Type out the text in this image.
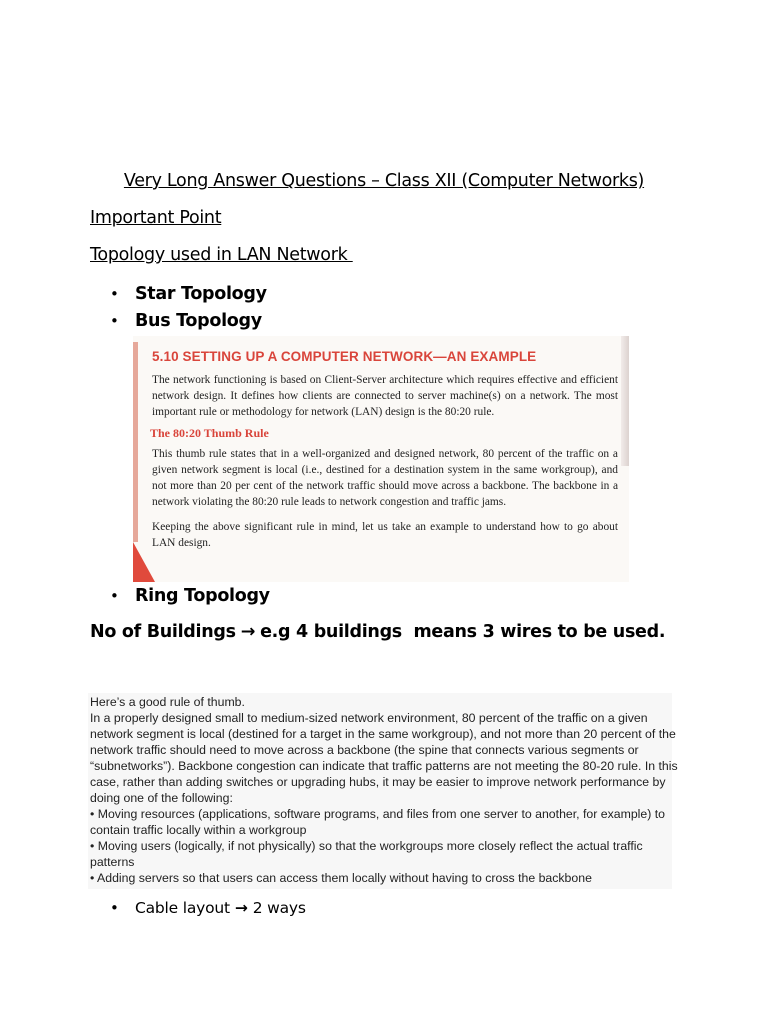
Very Long Answer Questions – Class XII (Computer Networks)
Important Point
Topology used in LAN Network
• Star Topology
• Bus Topology
5.10 SETTING UP A COMPUTER NETWORK—AN EXAMPLE
The network functioning is based on Client-Server architecture which requires effective and efficient network design. It defines how clients are connected to server machine(s) on a network. The most important rule or methodology for network (LAN) design is the 80:20 rule.
The 80:20 Thumb Rule
This thumb rule states that in a well-organized and designed network, 80 percent of the traffic on a given network segment is local (i.e., destined for a destination system in the same workgroup), and not more than 20 per cent of the network traffic should move across a backbone. The backbone in a network violating the 80:20 rule leads to network congestion and traffic jams.
Keeping the above significant rule in mind, let us take an example to understand how to go about LAN design.
• Ring Topology
No of Buildings → e.g 4 buildings  means 3 wires to be used.

Here’s a good rule of thumb.

In a properly designed small to medium-sized network environment, 80 percent of the traffic on a given network segment is local (destined for a target in the same workgroup), and not more than 20 percent of the network traffic should need to move across a backbone (the spine that connects various segments or “subnetworks”). Backbone congestion can indicate that traffic patterns are not meeting the 80-20 rule. In this case, rather than adding switches or upgrading hubs, it may be easier to improve network performance by doing one of the following:

• Moving resources (applications, software programs, and files from one server to another, for example) to contain traffic locally within a workgroup

• Moving users (logically, if not physically) so that the workgroups more closely reflect the actual traffic patterns

• Adding servers so that users can access them locally without having to cross the backbone

•	Cable layout → 2 ways
